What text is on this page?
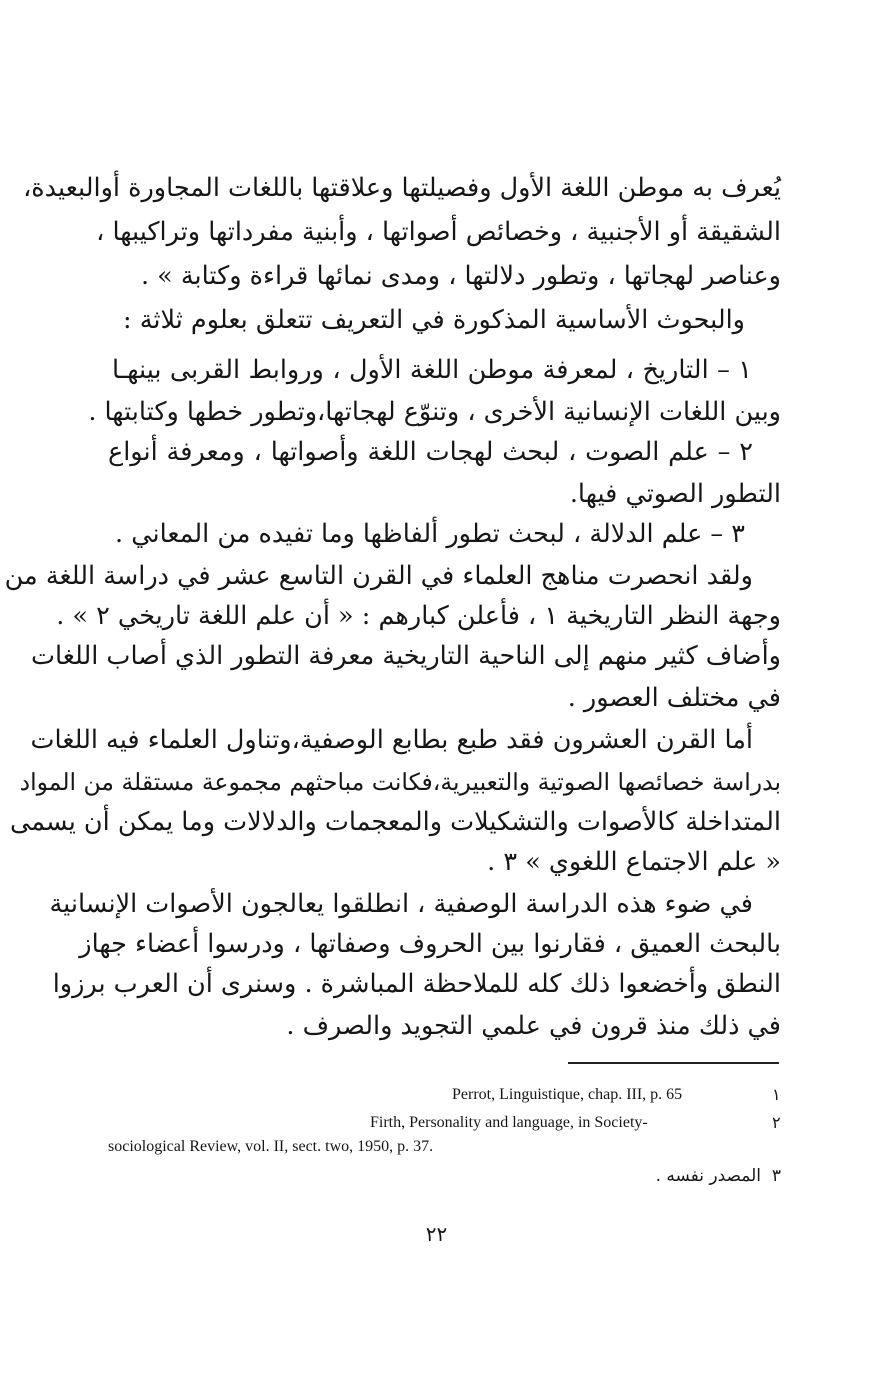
يُعرف به موطن اللغة الأول وفصيلتها وعلاقتها باللغات المجاورة أوالبعيدة،
الشقيقة أو الأجنبية ، وخصائص أصواتها ، وأبنية مفرداتها وتراكيبها ،
وعناصر لهجاتها ، وتطور دلالتها ، ومدى نمائها قراءة وكتابة » .
والبحوث الأساسية المذكورة في التعريف تتعلق بعلوم ثلاثة :
١ – التاريخ ، لمعرفة موطن اللغة الأول ، وروابط القربى بينهـا
وبين اللغات الإنسانية الأخرى ، وتنوّع لهجاتها،وتطور خطها وكتابتها .
٢ – علم الصوت ، لبحث لهجات اللغة وأصواتها ، ومعرفة أنواع
التطور الصوتي فيها.
٣ – علم الدلالة ، لبحث تطور ألفاظها وما تفيده من المعاني .
ولقد انحصرت مناهج العلماء في القرن التاسع عشر في دراسة اللغة من
وجهة النظر التاريخية ١ ، فأعلن كبارهم : « أن علم اللغة تاريخي ٢ » .
وأضاف كثير منهم إلى الناحية التاريخية معرفة التطور الذي أصاب اللغات
في مختلف العصور .
أما القرن العشرون فقد طبع بطابع الوصفية،وتناول العلماء فيه اللغات
بدراسة خصائصها الصوتية والتعبيرية،فكانت مباحثهم مجموعة مستقلة من المواد
المتداخلة كالأصوات والتشكيلات والمعجمات والدلالات وما يمكن أن يسمى
« علم الاجتماع اللغوي » ٣ .
في ضوء هذه الدراسة الوصفية ، انطلقوا يعالجون الأصوات الإنسانية
بالبحث العميق ، فقارنوا بين الحروف وصفاتها ، ودرسوا أعضاء جهاز
النطق وأخضعوا ذلك كله للملاحظة المباشرة . وسنرى أن العرب برزوا
في ذلك منذ قرون في علمي التجويد والصرف .
١
Perrot, Linguistique, chap. III, p. 65
٢
Firth, Personality and language, in Society-
sociological Review, vol. II, sect. two, 1950, p. 37.
٣
المصدر نفسه .
٢٢
